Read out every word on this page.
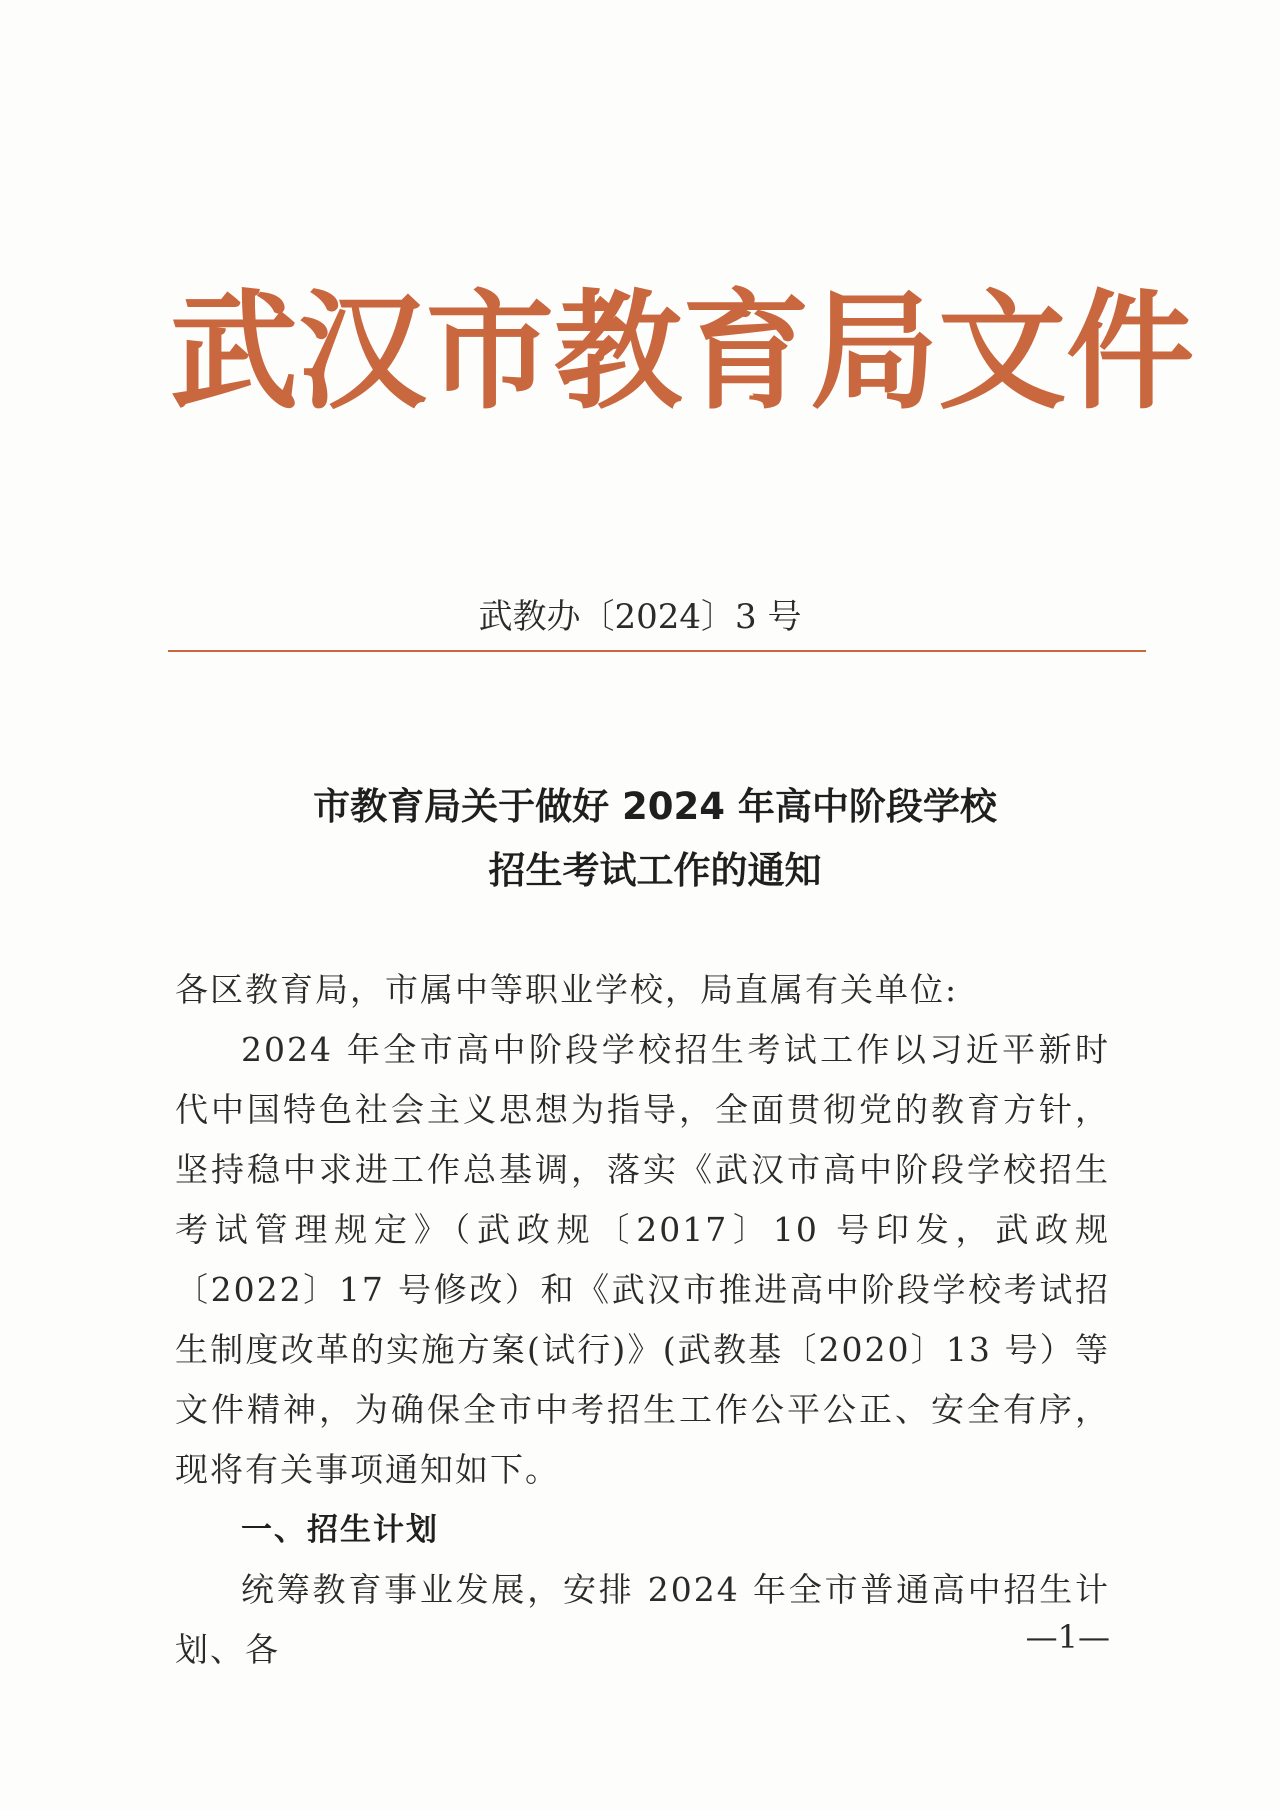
武 汉 市 教 育 局 文 件
武教办〔2024〕3 号
市教育局关于做好 2024 年高中阶段学校
招生考试工作的通知

各区教育局，市属中等职业学校，局直属有关单位:

2024 年全市高中阶段学校招生考试工作以习近平新时代中国特色社会主义思想为指导，全面贯彻党的教育方针，坚持稳中求进工作总基调，落实《武汉市高中阶段学校招生考试管理规定》（武政规〔2017〕10 号印发，武政规〔2022〕17 号修改）和《武汉市推进高中阶段学校考试招生制度改革的实施方案(试行)》(武教基〔2020〕13 号）等文件精神，为确保全市中考招生工作公平公正、安全有序，现将有关事项通知如下。

一、招生计划

统筹教育事业发展，安排 2024 年全市普通高中招生计划、各	—1—
